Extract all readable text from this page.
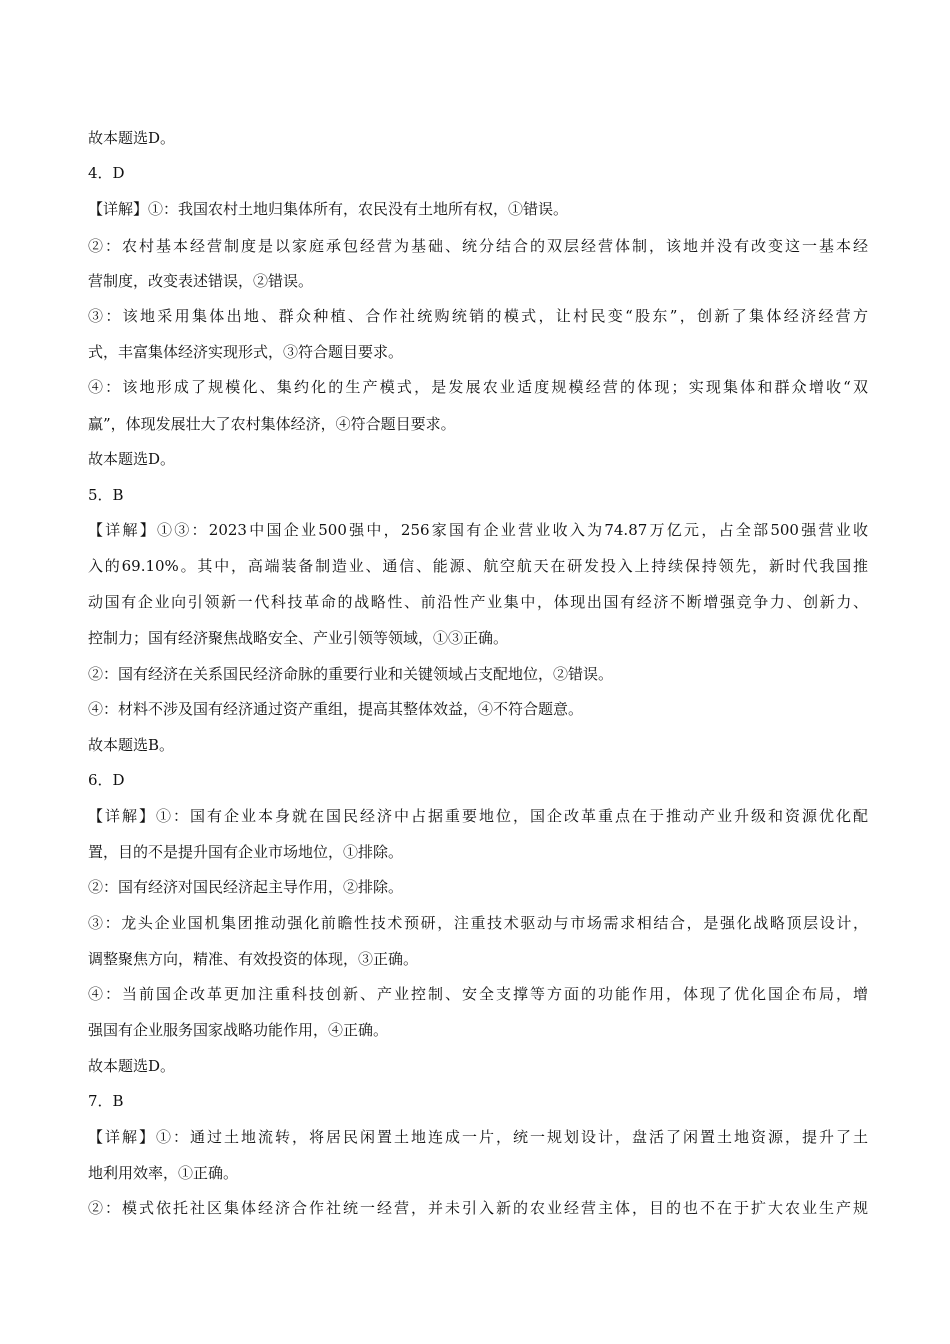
故本题选D。
4．D
【详解】①：我国农村土地归集体所有，农民没有土地所有权，①错误。
②：农村基本经营制度是以家庭承包经营为基础、统分结合的双层经营体制，该地并没有改变这一基本经
营制度，改变表述错误，②错误。
③：该地采用集体出地、群众种植、合作社统购统销的模式，让村民变“股东”，创新了集体经济经营方
式，丰富集体经济实现形式，③符合题目要求。
④：该地形成了规模化、集约化的生产模式，是发展农业适度规模经营的体现；实现集体和群众增收“双
赢”，体现发展壮大了农村集体经济，④符合题目要求。
故本题选D。
5．B
【详解】①③：2023中国企业500强中，256家国有企业营业收入为74.87万亿元，占全部500强营业收
入的69.10%。其中，高端装备制造业、通信、能源、航空航天在研发投入上持续保持领先，新时代我国推
动国有企业向引领新一代科技革命的战略性、前沿性产业集中，体现出国有经济不断增强竞争力、创新力、
控制力；国有经济聚焦战略安全、产业引领等领域，①③正确。
②：国有经济在关系国民经济命脉的重要行业和关键领域占支配地位，②错误。
④：材料不涉及国有经济通过资产重组，提高其整体效益，④不符合题意。
故本题选B。
6．D
【详解】①：国有企业本身就在国民经济中占据重要地位，国企改革重点在于推动产业升级和资源优化配
置，目的不是提升国有企业市场地位，①排除。
②：国有经济对国民经济起主导作用，②排除。
③：龙头企业国机集团推动强化前瞻性技术预研，注重技术驱动与市场需求相结合，是强化战略顶层设计，
调整聚焦方向，精准、有效投资的体现，③正确。
④：当前国企改革更加注重科技创新、产业控制、安全支撑等方面的功能作用，体现了优化国企布局，增
强国有企业服务国家战略功能作用，④正确。
故本题选D。
7．B
【详解】①：通过土地流转，将居民闲置土地连成一片，统一规划设计，盘活了闲置土地资源，提升了土
地利用效率，①正确。
②：模式依托社区集体经济合作社统一经营，并未引入新的农业经营主体，目的也不在于扩大农业生产规
